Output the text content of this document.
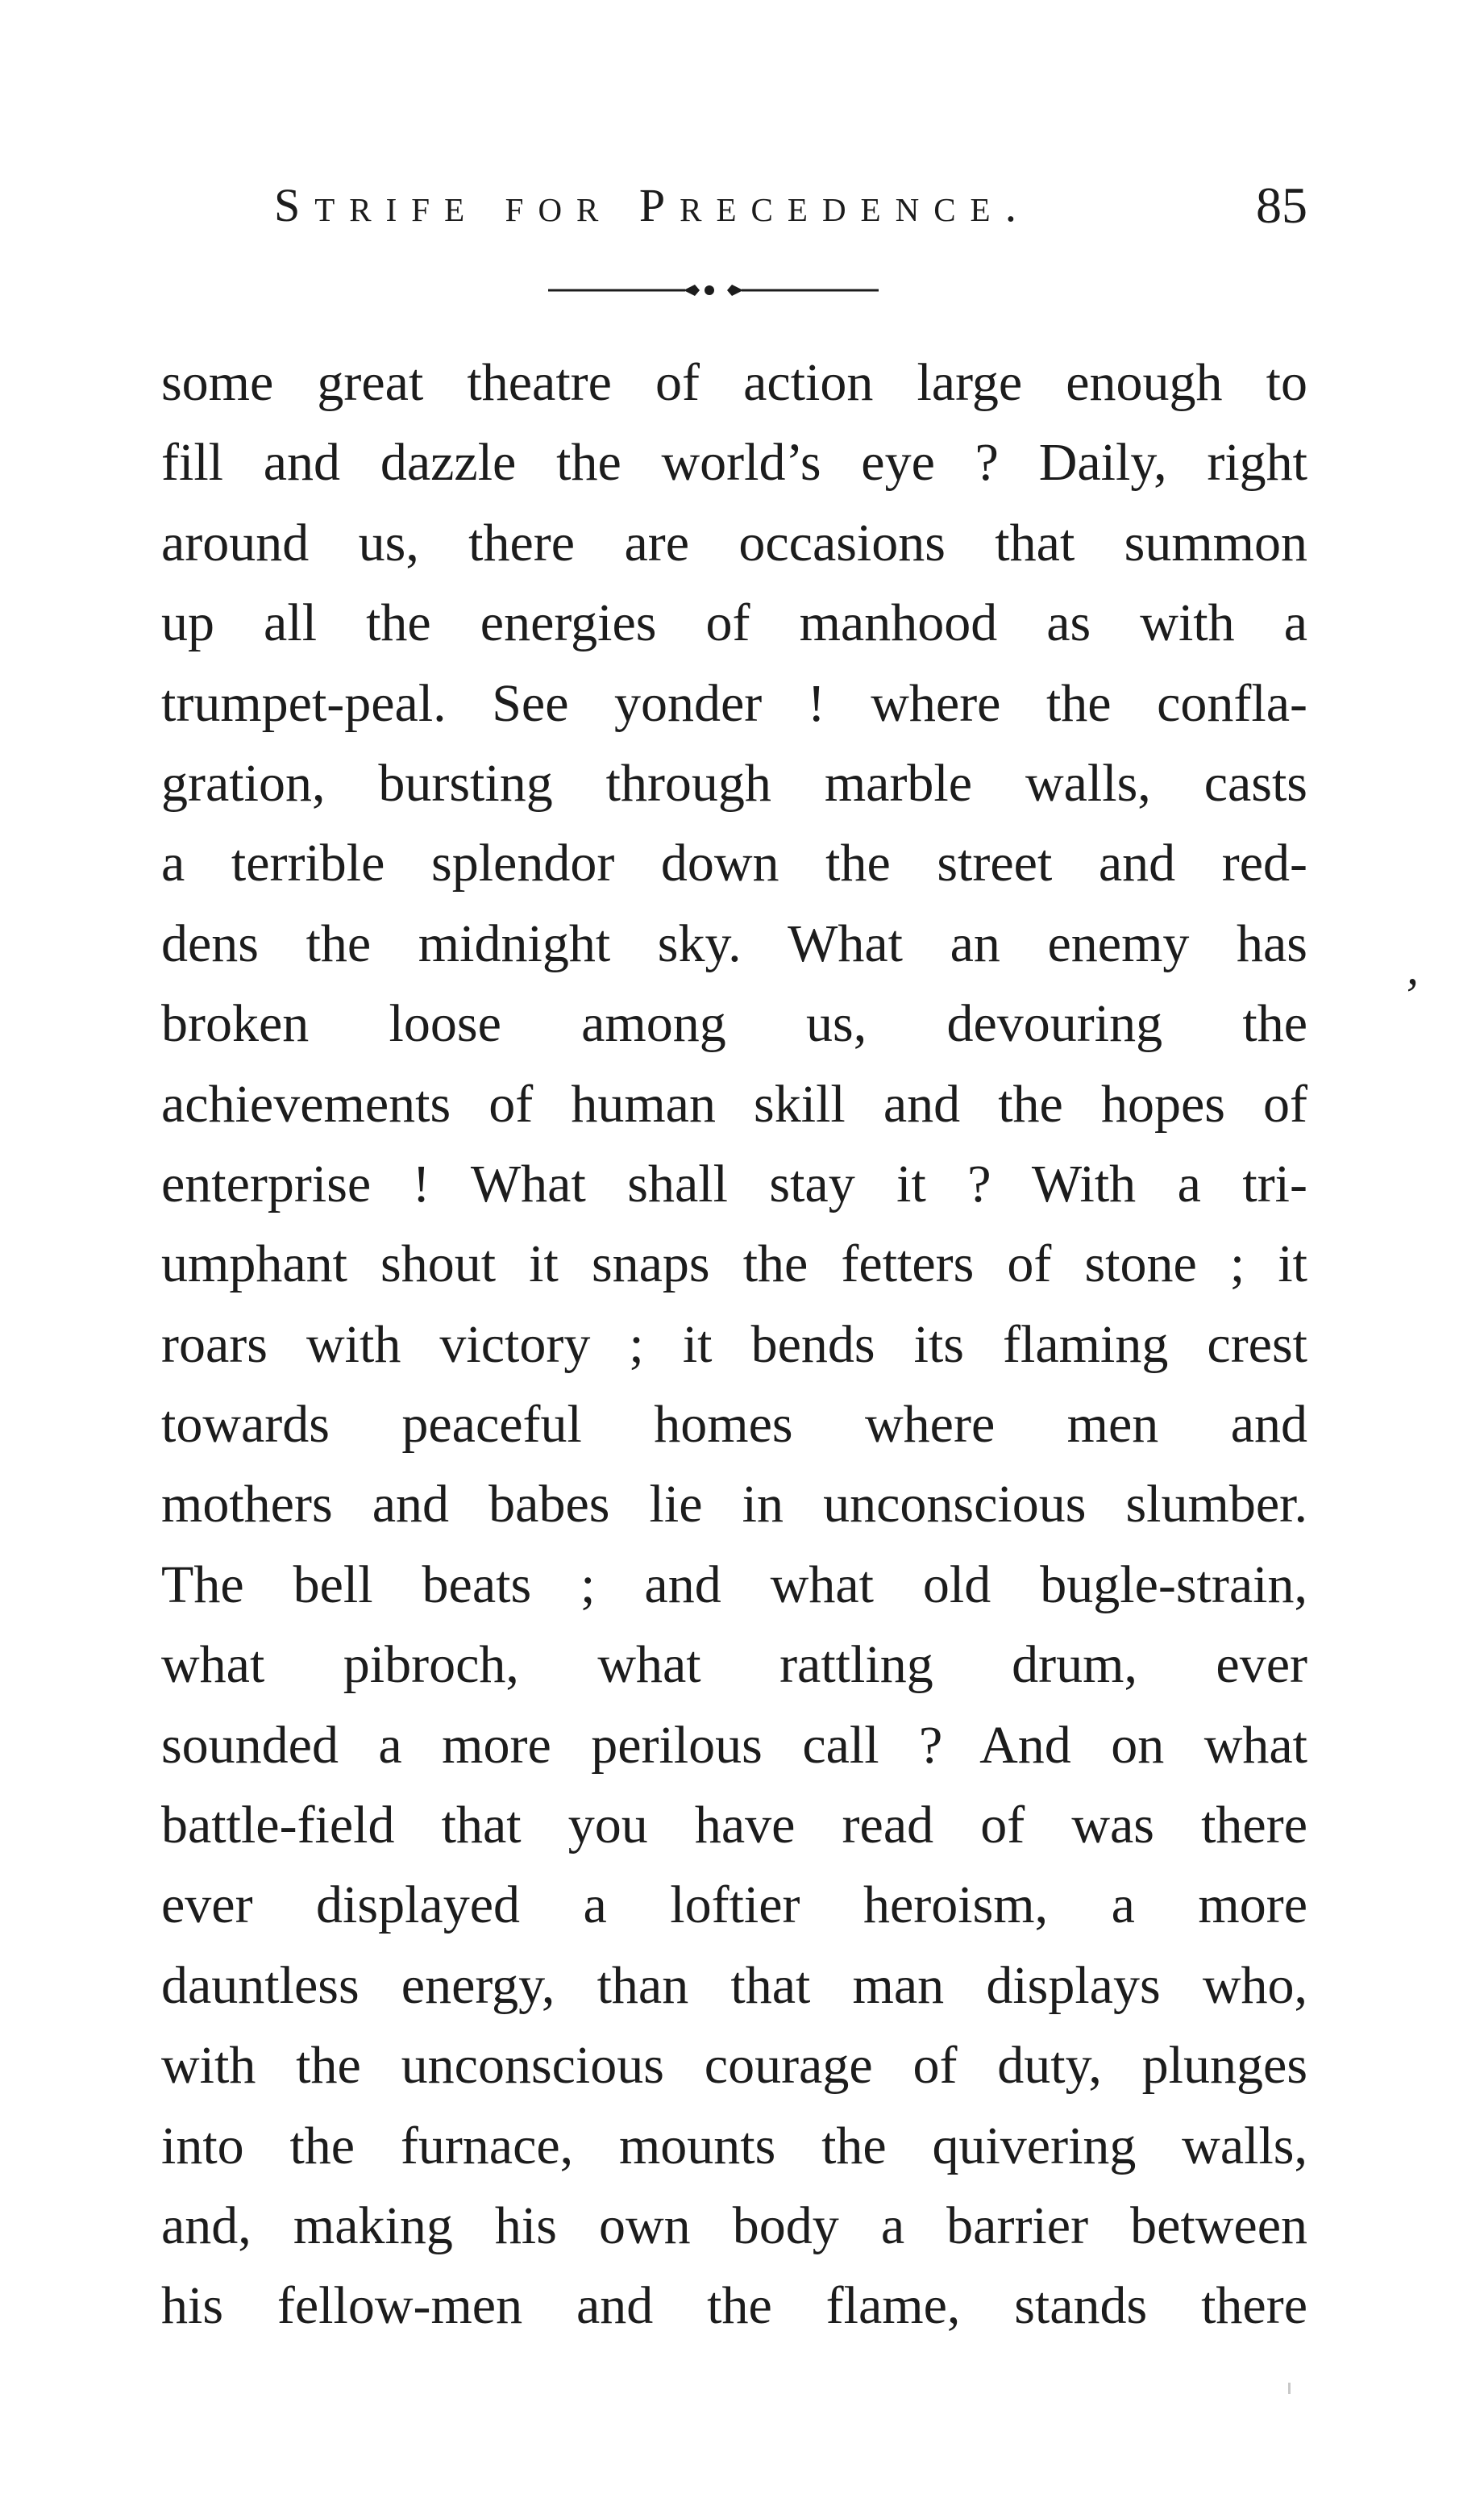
Strife for Precedence.	85
some great theatre of action large enough to
fill and dazzle the world’s eye ? Daily, right
around us, there are occasions that summon
up all the energies of manhood as with a
trumpet-peal. See yonder ! where the confla-
gration, bursting through marble walls, casts
a terrible splendor down the street and red-
dens the midnight sky. What an enemy has
broken loose among us, devouring the
achievements of human skill and the hopes of
enterprise ! What shall stay it ? With a tri-
umphant shout it snaps the fetters of stone ; it
roars with victory ; it bends its flaming crest
towards peaceful homes where men and
mothers and babes lie in unconscious slumber.
The bell beats ; and what old bugle-strain,
what pibroch, what rattling drum, ever
sounded a more perilous call ? And on what
battle-field that you have read of was there
ever displayed a loftier heroism, a more
dauntless energy, than that man displays who,
with the unconscious courage of duty, plunges
into the furnace, mounts the quivering walls,
and, making his own body a barrier between
his fellow-men and the flame, stands there
,
